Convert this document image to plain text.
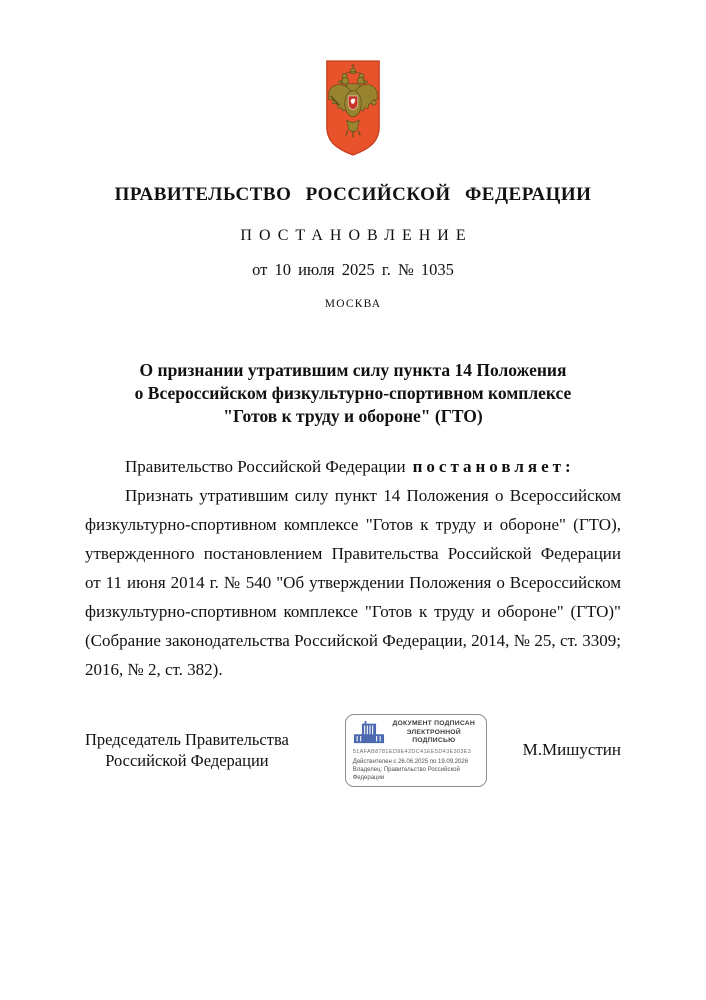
ПРАВИТЕЛЬСТВО РОССИЙСКОЙ ФЕДЕРАЦИИ
ПОСТАНОВЛЕНИЕ
от 10 июля 2025 г. № 1035
МОСКВА
О признании утратившим силу пункта 14 Положения
о Всероссийском физкультурно-спортивном комплексе
"Готов к труду и обороне" (ГТО)

Правительство Российской Федерации постановляет:

Признать утратившим силу пункт 14 Положения о Всероссийском физкультурно-спортивном комплексе "Готов к труду и обороне" (ГТО), утвержденного постановлением Правительства Российской Федерации от 11 июня 2014 г. № 540 "Об утверждении Положения о Всероссийском физкультурно-спортивном комплексе "Готов к труду и обороне" (ГТО)" (Собрание законодательства Российской Федерации, 2014, № 25, ст. 3309; 2016, № 2, ст. 382).

Председатель Правительства
Российской Федерации
ДОКУМЕНТ ПОДПИСАН
ЭЛЕКТРОННОЙ ПОДПИСЬЮ
51AFAB8781ED9E42DC41EE5D43E303E3
Действителен с 26.06.2025 по 19.09.2026
Владелец: Правительство Российской
Федерации
М.Мишустин
